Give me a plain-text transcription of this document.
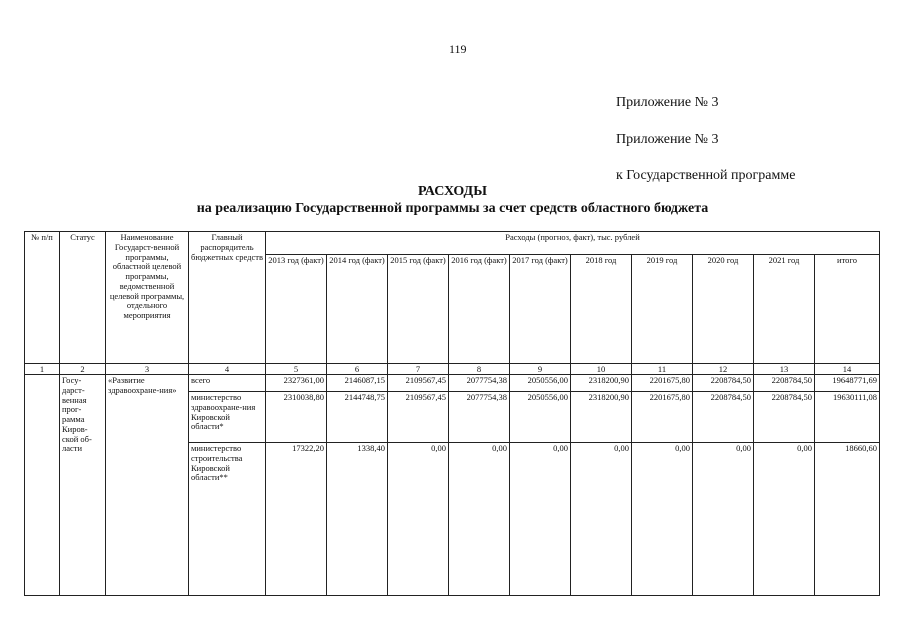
119
Приложение № 3
Приложение № 3
к Государственной программе
РАСХОДЫ
на реализацию Государственной программы за счет средств областного бюджета
№ п/п	Статус	Наименование Государст-венной программы, областной целевой программы, ведомственной целевой программы, отдельного мероприятия	Главный распорядитель бюджетных средств	Расходы (прогноз, факт), тыс. рублей									
				2013 год (факт)	2014 год (факт)	2015 год (факт)	2016 год (факт)	2017 год (факт)	2018 год	2019 год	2020 год	2021 год	итого
1	2	3	4	5	6	7	8	9	10	11	12	13	14
	Госу-дарст-венная прог-рамма Киров-ской об-ласти	«Развитие здравоохране-ния»	всего	2327361,00	2146087,15	2109567,45	2077754,38	2050556,00	2318200,90	2201675,80	2208784,50	2208784,50	19648771,69
			министерство здравоохране-ния Кировской области*	2310038,80	2144748,75	2109567,45	2077754,38	2050556,00	2318200,90	2201675,80	2208784,50	2208784,50	19630111,08
			министерство строительства Кировской области**	17322,20	1338,40	0,00	0,00	0,00	0,00	0,00	0,00	0,00	18660,60
